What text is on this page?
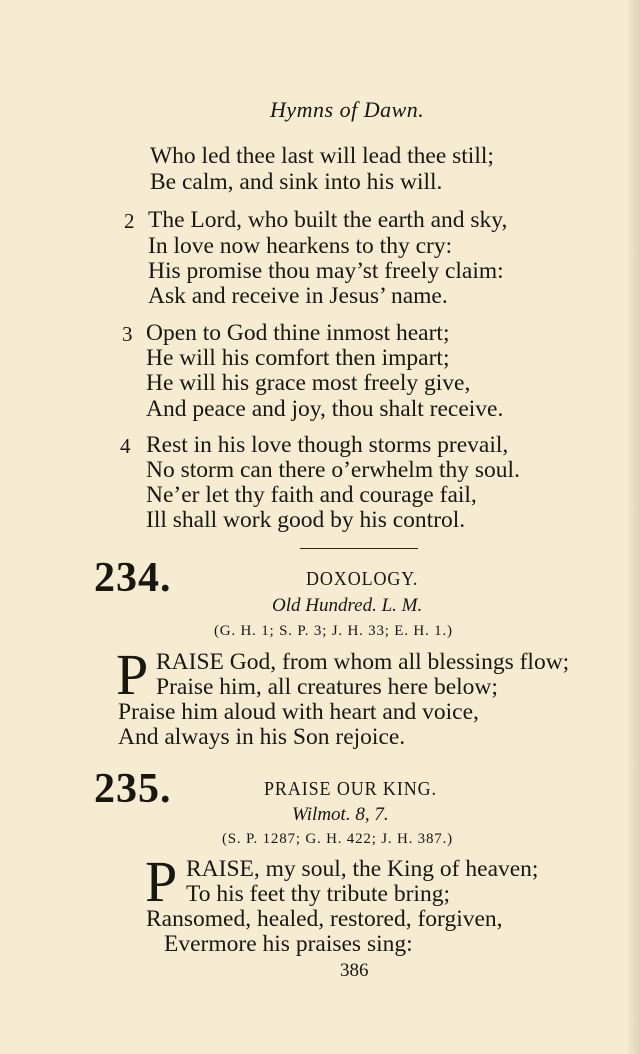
Hymns of Dawn.
Who led thee last will lead thee still;
Be calm, and sink into his will.
2 The Lord, who built the earth and sky,
In love now hearkens to thy cry:
His promise thou may’st freely claim:
Ask and receive in Jesus’ name.
3 Open to God thine inmost heart;
He will his comfort then impart;
He will his grace most freely give,
And peace and joy, thou shalt receive.
4 Rest in his love though storms prevail,
No storm can there o’erwhelm thy soul.
Ne’er let thy faith and courage fail,
Ill shall work good by his control.
234.	DOXOLOGY.
Old Hundred. L. M.
(G. H. 1; S. P. 3; J. H. 33; E. H. 1.)
P RAISE God, from whom all blessings flow;
Praise him, all creatures here below;
Praise him aloud with heart and voice,
And always in his Son rejoice.
235.	PRAISE OUR KING.
Wilmot. 8, 7.
(S. P. 1287; G. H. 422; J. H. 387.)
P RAISE, my soul, the King of heaven;
To his feet thy tribute bring;
Ransomed, healed, restored, forgiven,
Evermore his praises sing:
386
